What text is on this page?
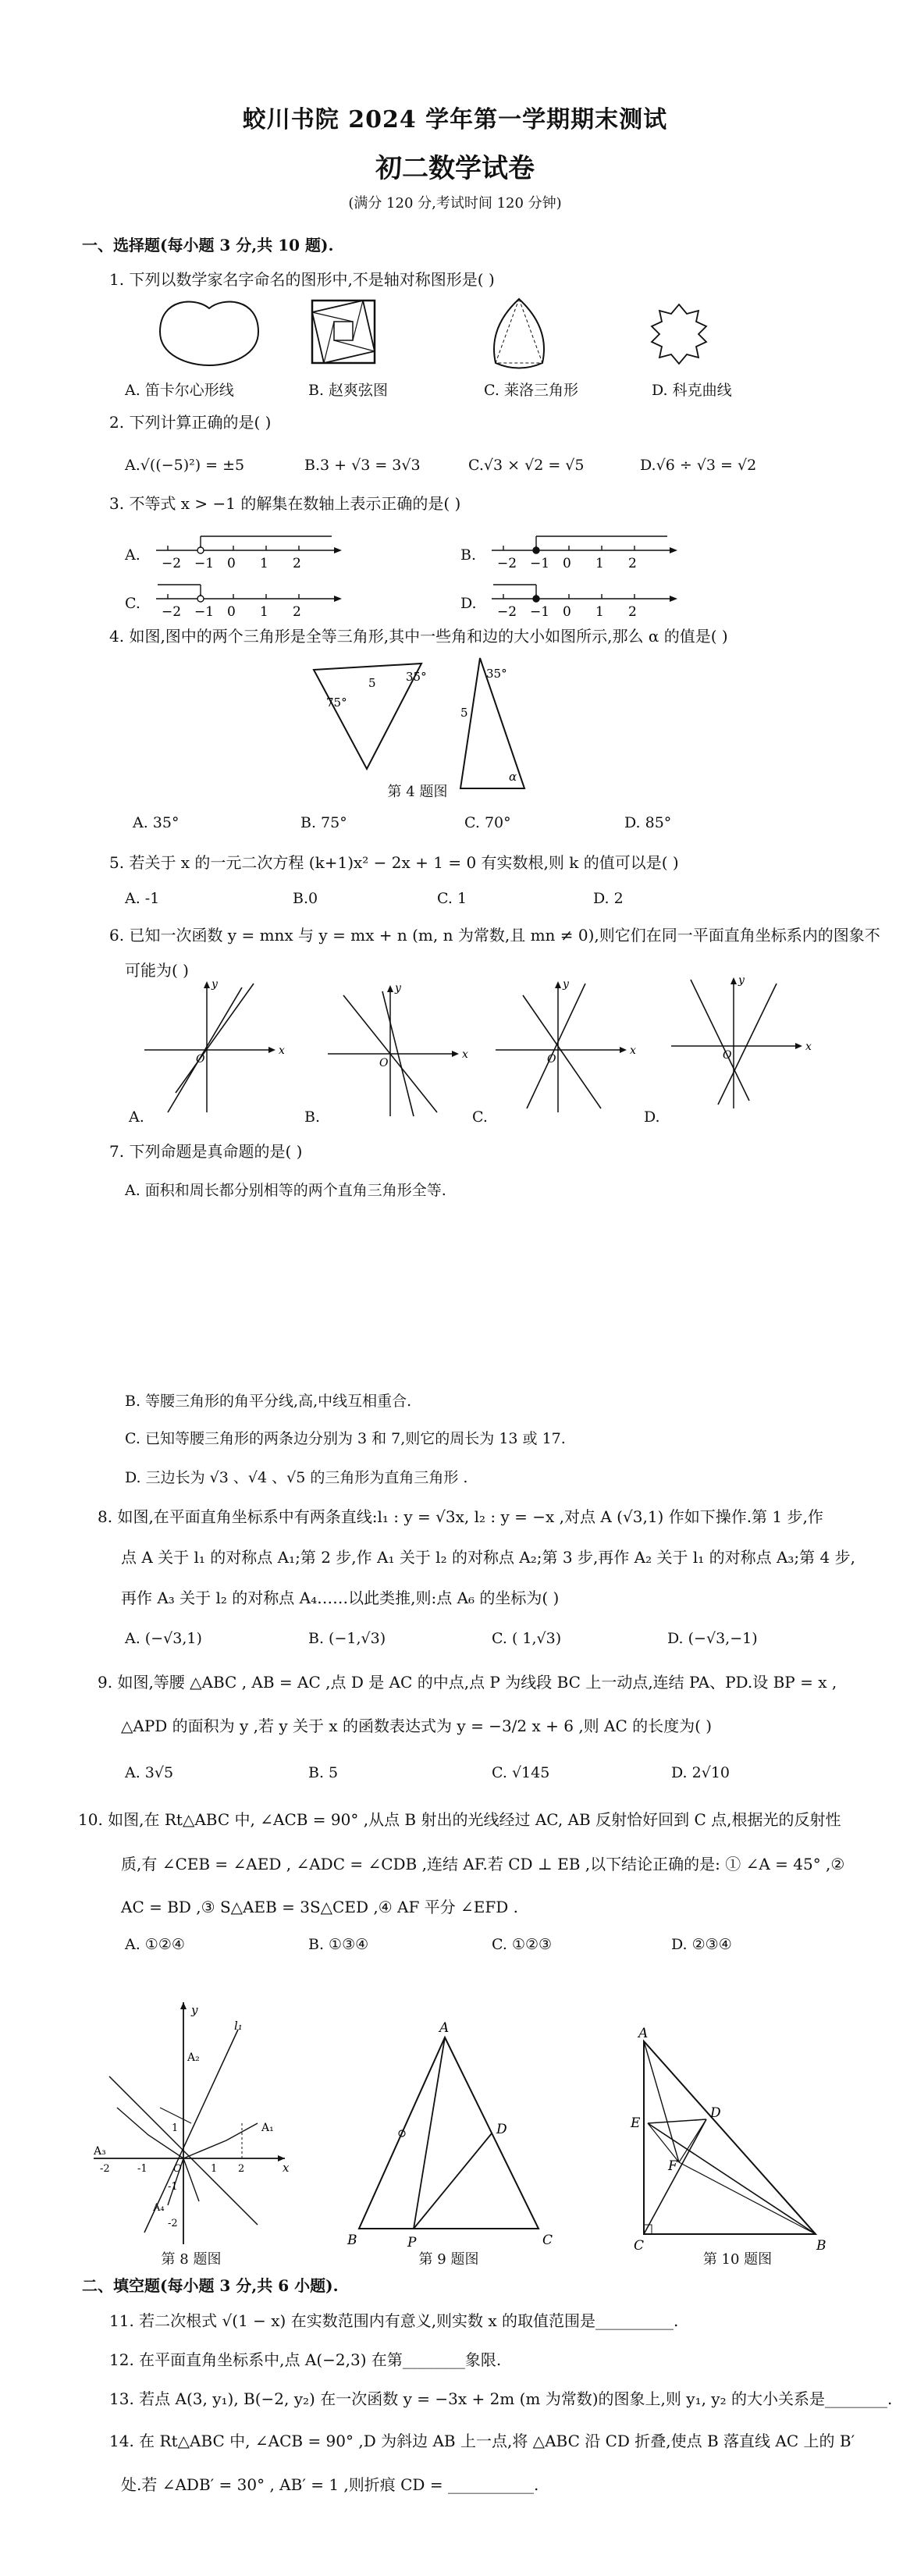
蛟川书院 2024 学年第一学期期末测试
初二数学试卷
(满分 120 分,考试时间 120 分钟)
一、选择题(每小题 3 分,共 10 题).
1. 下列以数学家名字命名的图形中,不是轴对称图形是( )
A. 笛卡尔心形线	B. 赵爽弦图	C. 莱洛三角形	D. 科克曲线
2. 下列计算正确的是( )
A.√((−5)²) = ±5	B.3 + √3 = 3√3	C.√3 × √2 = √5	D.√6 ÷ √3 = √2
3. 不等式 x > −1 的解集在数轴上表示正确的是( )
A.	B.
C.	D.
−2 −1 0 1 2	−2 −1 0 1 2
−2 −1 0 1 2	−2 −1 0 1 2
4. 如图,图中的两个三角形是全等三角形,其中一些角和边的大小如图所示,那么 α 的值是( )
5	35°
75°
5
35°
α
第 4 题图
A. 35°	B. 75°	C. 70°	D. 85°
5. 若关于 x 的一元二次方程 (k+1)x² − 2x + 1 = 0 有实数根,则 k 的值可以是( )
A. -1	B.0	C. 1	D. 2
6. 已知一次函数 y = mnx 与 y = mx + n (m, n 为常数,且 mn ≠ 0),则它们在同一平面直角坐标系内的图象不
可能为( )
x
y
O	x
y
O
x
y
O
x
y
O
A.	B.	C.	D.
7. 下列命题是真命题的是( )
A. 面积和周长都分别相等的两个直角三角形全等.
B. 等腰三角形的角平分线,高,中线互相重合.
C. 已知等腰三角形的两条边分别为 3 和 7,则它的周长为 13 或 17.
D. 三边长为 √3 、√4 、√5 的三角形为直角三角形 .
8. 如图,在平面直角坐标系中有两条直线:l₁ : y = √3x, l₂ : y = −x ,对点 A (√3,1) 作如下操作.第 1 步,作
点 A 关于 l₁ 的对称点 A₁;第 2 步,作 A₁ 关于 l₂ 的对称点 A₂;第 3 步,再作 A₂ 关于 l₁ 的对称点 A₃;第 4 步,
再作 A₃ 关于 l₂ 的对称点 A₄……以此类推,则:点 A₆ 的坐标为( )
A. (−√3,1)	B. (−1,√3)	C. ( 1,√3)	D. (−√3,−1)
9. 如图,等腰 △ABC , AB = AC ,点 D 是 AC 的中点,点 P 为线段 BC 上一动点,连结 PA、PD.设 BP = x ,
△APD 的面积为 y ,若 y 关于 x 的函数表达式为 y = −3/2 x + 6 ,则 AC 的长度为( )
A. 3√5	B. 5	C. √145	D. 2√10
10. 如图,在 Rt△ABC 中, ∠ACB = 90° ,从点 B 射出的光线经过 AC, AB 反射恰好回到 C 点,根据光的反射性
质,有 ∠CEB = ∠AED , ∠ADC = ∠CDB ,连结 AF.若 CD ⊥ EB ,以下结论正确的是: ① ∠A = 45° ,②
AC = BD ,③ S△AEB = 3S△CED ,④ AF 平分 ∠EFD .
A. ①②④	B. ①③④	C. ①②③	D. ②③④
y
l₁
A₂
A₁
A₃
-2	-1	O	1 2	x
1
-1
-2
A₄
A
D
B	P	C
A
D
E
F
C	B
第 8 题图	第 9 题图	第 10 题图
二、填空题(每小题 3 分,共 6 小题).
11. 若二次根式 √(1 − x) 在实数范围内有意义,则实数 x 的取值范围是__________.
12. 在平面直角坐标系中,点 A(−2,3) 在第________象限.
13. 若点 A(3, y₁), B(−2, y₂) 在一次函数 y = −3x + 2m (m 为常数)的图象上,则 y₁, y₂ 的大小关系是________.
14. 在 Rt△ABC 中, ∠ACB = 90° ,D 为斜边 AB 上一点,将 △ABC 沿 CD 折叠,使点 B 落直线 AC 上的 B′
处.若 ∠ADB′ = 30° , AB′ = 1 ,则折痕 CD = ___________.
